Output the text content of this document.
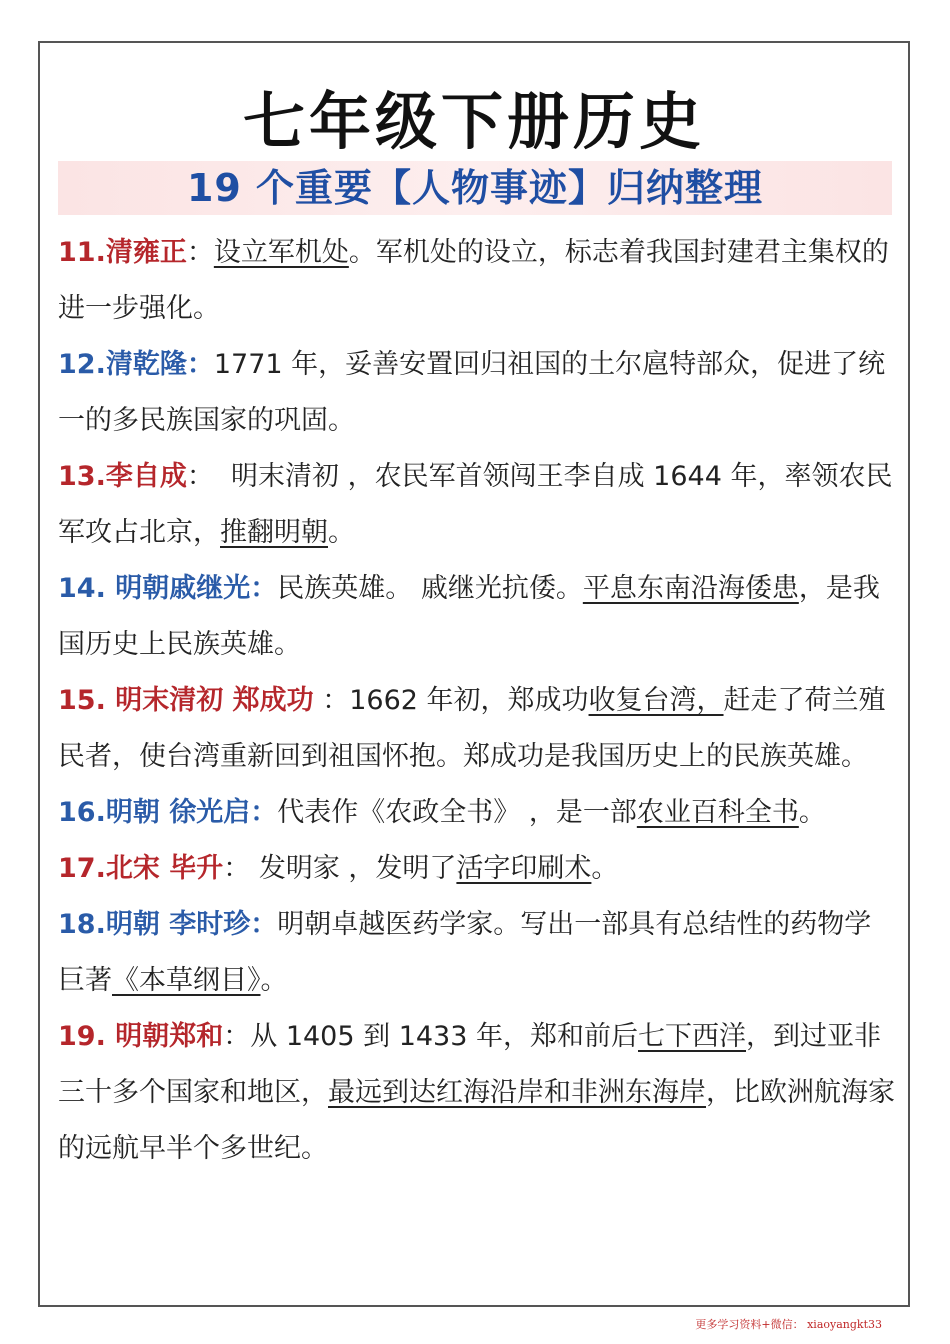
七年级下册历史
19 个重要【人物事迹】归纳整理

11.清雍正：设立军机处。军机处的设立，标志着我国封建君主集权的进一步强化。

12.清乾隆：1771 年，妥善安置回归祖国的土尔扈特部众，促进了统一的多民族国家的巩固。

13.李自成：  明末清初 ，农民军首领闯王李自成 1644 年，率领农民军攻占北京，推翻明朝。

14. 明朝戚继光：民族英雄。 戚继光抗倭。平息东南沿海倭患，是我国历史上民族英雄。

15. 明末清初 郑成功 ：1662 年初，郑成功收复台湾，赶走了荷兰殖民者，使台湾重新回到祖国怀抱。郑成功是我国历史上的民族英雄。

16.明朝 徐光启：代表作《农政全书》 ，是一部农业百科全书。

17.北宋 毕升： 发明家 ，发明了活字印刷术。

18.明朝 李时珍：明朝卓越医药学家。写出一部具有总结性的药物学巨著《本草纲目》。

19. 明朝郑和：从 1405 到 1433 年，郑和前后七下西洋，到过亚非三十多个国家和地区，最远到达红海沿岸和非洲东海岸，比欧洲航海家的远航早半个多世纪。

更多学习资料+微信： xiaoyangkt33
